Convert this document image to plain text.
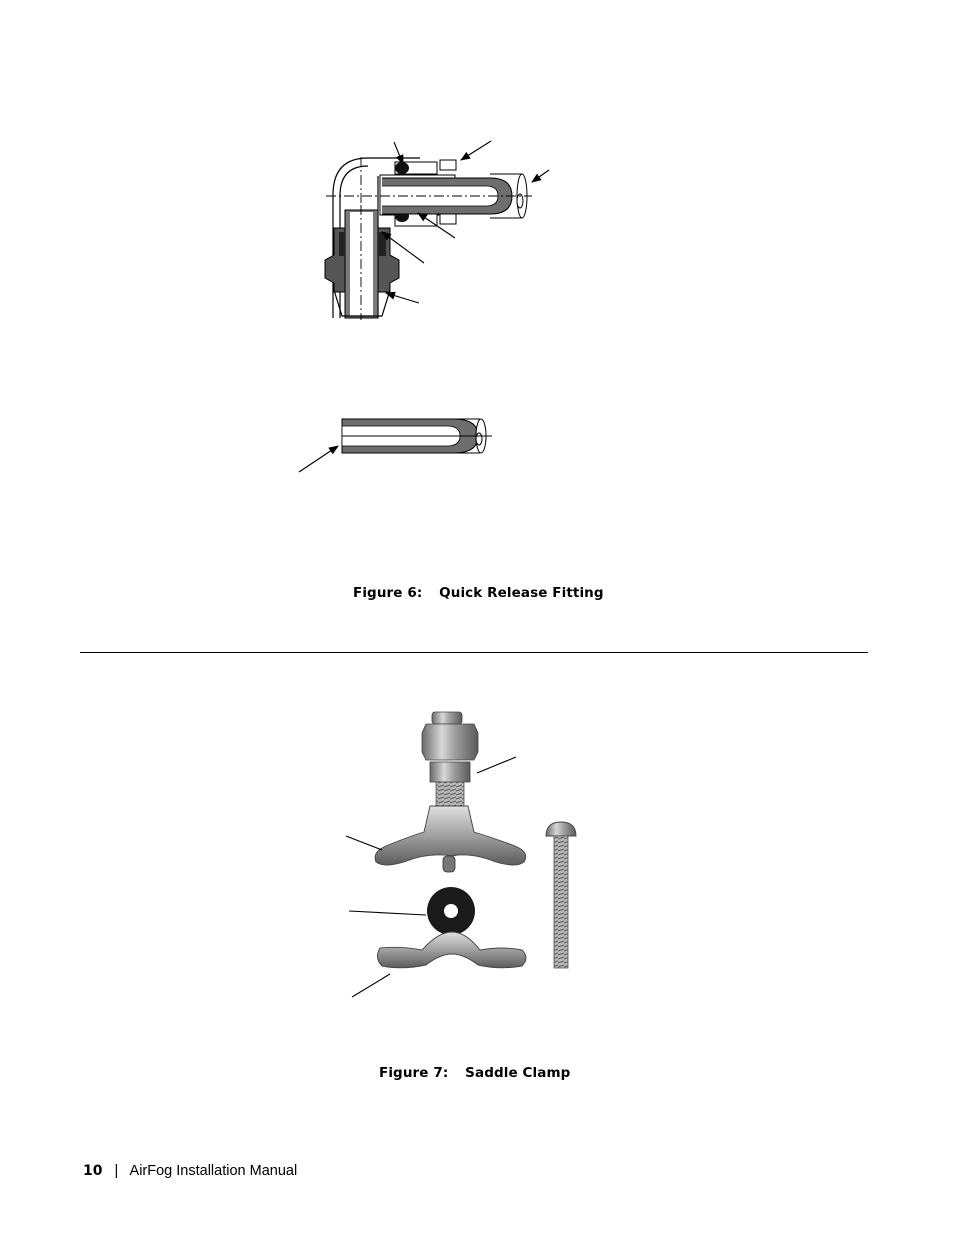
Figure 6: Quick Release Fitting
Figure 7: Saddle Clamp
10 | AirFog Installation Manual
